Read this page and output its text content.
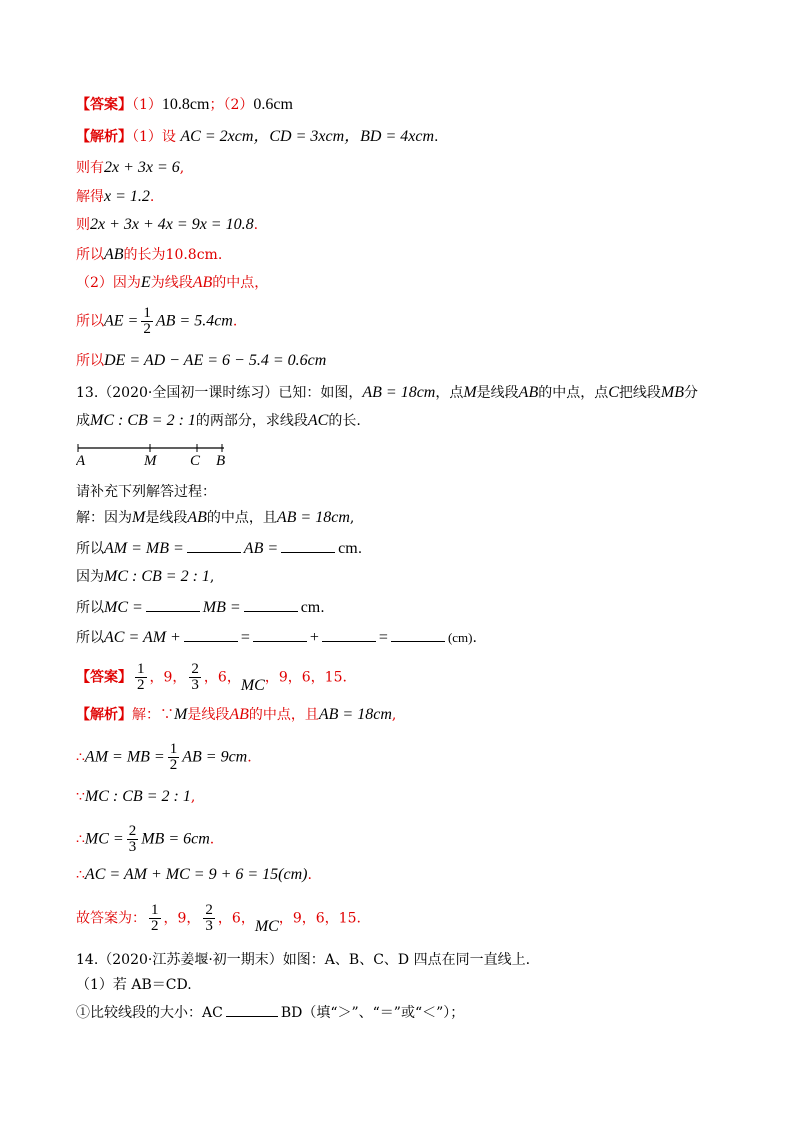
【答案】（1）10.8cm；（2）0.6cm
【解析】（1）设 AC = 2xcm，CD = 3xcm，BD = 4xcm.
则有2x + 3x = 6,
解得x = 1.2.
则2x + 3x + 4x = 9x = 10.8.
所以AB的长为10.8cm.
（2）因为E为线段AB的中点，
所以AE = $\frac{1}{2}$ AB = 5.4cm.
所以DE = AD − AE = 6 − 5.4 = 0.6cm
13.（2020·全国初一课时练习）已知：如图，AB = 18cm，点M是线段AB的中点，点C把线段MB分
成MC : CB = 2 : 1的两部分，求线段AC的长.
A	M C B
请补充下列解答过程：
解：因为M是线段AB的中点，且AB = 18cm,
所以AM = MB =	AB =	cm.
因为MC : CB = 2 : 1,
所以MC =	MB =	cm.
所以AC = AM +	=	+	=	(cm).
【答案】 $\frac{1}{2}$ ，9， $\frac{2}{3}$ ，6，MC，9，6，15.
【解析】解：∵M是线段AB的中点，且AB = 18cm,
∴AM = MB = $\frac{1}{2}$ AB = 9cm.
∵MC : CB = 2 : 1,
∴MC = $\frac{2}{3}$ MB = 6cm.
∴AC = AM + MC = 9 + 6 = 15(cm).
故答案为： $\frac{1}{2}$ ，9， $\frac{2}{3}$ ，6，MC，9，6，15.
14.（2020·江苏姜堰·初一期末）如图：A、B、C、D 四点在同一直线上.
（1）若 AB＝CD.
①比较线段的大小：AC	BD（填“＞”、“＝”或“＜”）；
